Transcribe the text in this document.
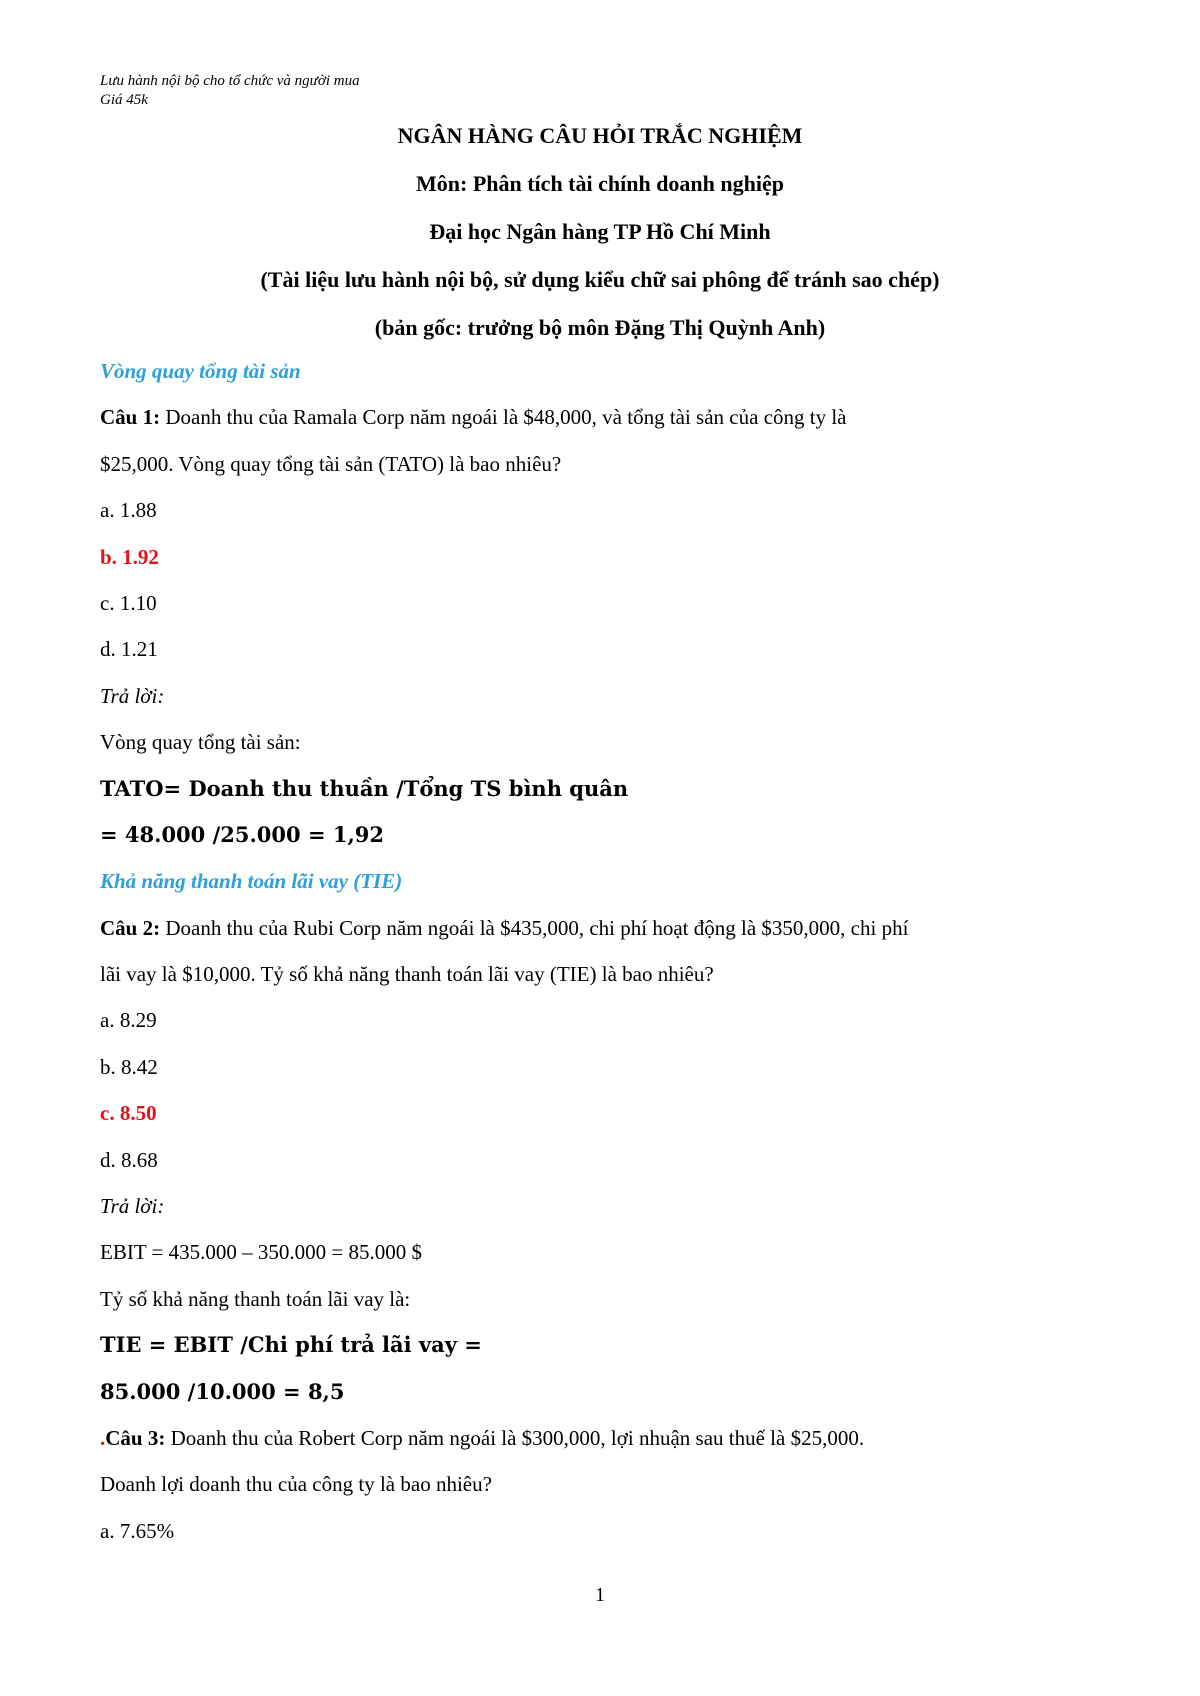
Lưu hành nội bộ cho tổ chức và người mua
Giá 45k
NGÂN HÀNG CÂU HỎI TRẮC NGHIỆM
Môn: Phân tích tài chính doanh nghiệp
Đại học Ngân hàng TP Hồ Chí Minh
(Tài liệu lưu hành nội bộ, sử dụng kiểu chữ sai phông để tránh sao chép)
(bản gốc: trưởng bộ môn Đặng Thị Quỳnh Anh)
Vòng quay tổng tài sản
Câu 1: Doanh thu của Ramala Corp năm ngoái là $48,000, và tổng tài sản của công ty là
$25,000. Vòng quay tổng tài sản (TATO) là bao nhiêu?
a. 1.88
b. 1.92
c. 1.10
d. 1.21
Trả lời:
Vòng quay tổng tài sản:
TATO= Doanh thu thuần /Tổng TS bình quân
= 48.000 /25.000 = 1,92
Khả năng thanh toán lãi vay (TIE)
Câu 2: Doanh thu của Rubi Corp năm ngoái là $435,000, chi phí hoạt động là $350,000, chi phí
lãi vay là $10,000. Tỷ số khả năng thanh toán lãi vay (TIE) là bao nhiêu?
a. 8.29
b. 8.42
c. 8.50
d. 8.68
Trả lời:
EBIT = 435.000 – 350.000 = 85.000 $
Tỷ số khả năng thanh toán lãi vay là:
TIE = EBIT /Chi phí trả lãi vay =
85.000 /10.000 = 8,5
.Câu 3: Doanh thu của Robert Corp năm ngoái là $300,000, lợi nhuận sau thuế là $25,000.
Doanh lợi doanh thu của công ty là bao nhiêu?
a. 7.65%
1
